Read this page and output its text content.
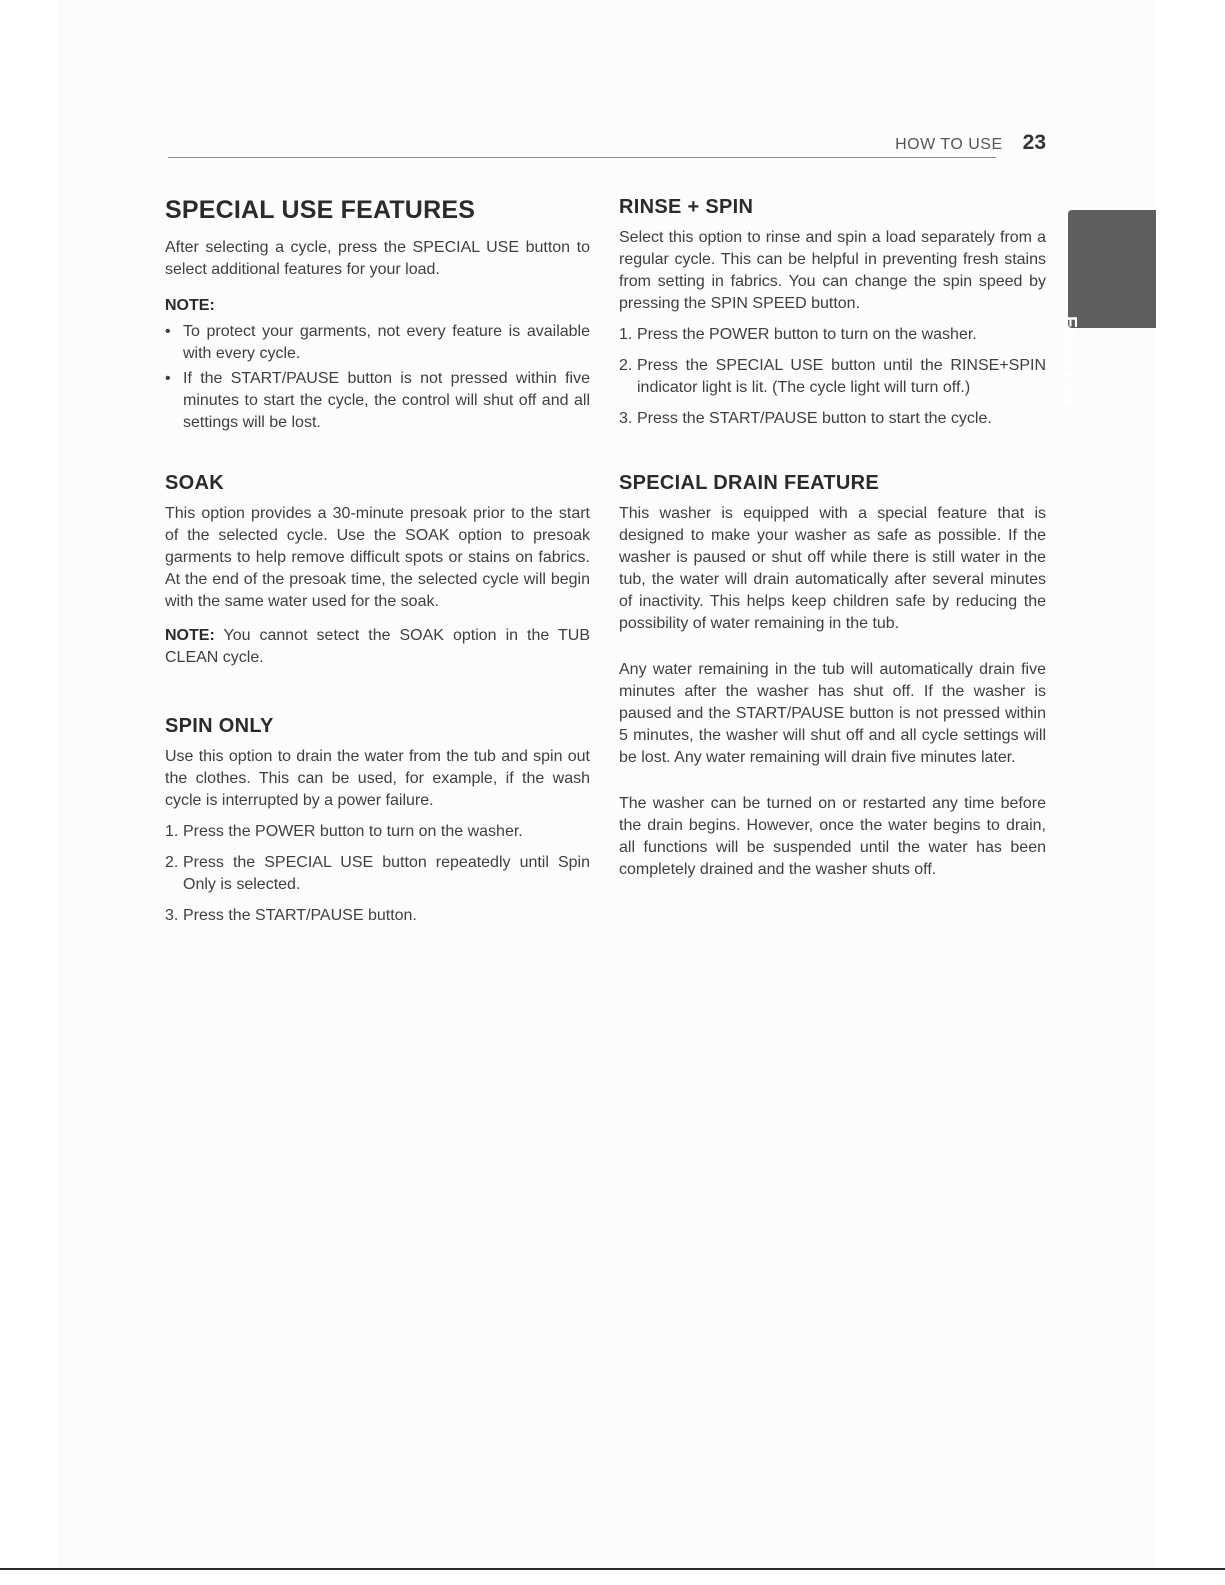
HOW TO USE 23
ENGLISH
SPECIAL USE FEATURES

After selecting a cycle, press the SPECIAL USE button to select additional features for your load.

NOTE:
• To protect your garments, not every feature is available with every cycle.
• If the START/PAUSE button is not pressed within five minutes to start the cycle, the control will shut off and all settings will be lost.
SOAK

This option provides a 30-minute presoak prior to the start of the selected cycle. Use the SOAK option to presoak garments to help remove difficult spots or stains on fabrics. At the end of the presoak time, the selected cycle will begin with the same water used for the soak.

NOTE: You cannot setect the SOAK option in the TUB CLEAN cycle.

SPIN ONLY

Use this option to drain the water from the tub and spin out the clothes. This can be used, for example, if the wash cycle is interrupted by a power failure.

1. Press the POWER button to turn on the washer.
2. Press the SPECIAL USE button repeatedly until Spin Only is selected.
3. Press the START/PAUSE button.
RINSE + SPIN

Select this option to rinse and spin a load separately from a regular cycle. This can be helpful in preventing fresh stains from setting in fabrics. You can change the spin speed by pressing the SPIN SPEED button.

1. Press the POWER button to turn on the washer.
2. Press the SPECIAL USE button until the RINSE+SPIN indicator light is lit. (The cycle light will turn off.)
3. Press the START/PAUSE button to start the cycle.
SPECIAL DRAIN FEATURE

This washer is equipped with a special feature that is designed to make your washer as safe as possible. If the washer is paused or shut off while there is still water in the tub, the water will drain automatically after several minutes of inactivity. This helps keep children safe by reducing the possibility of water remaining in the tub.

Any water remaining in the tub will automatically drain five minutes after the washer has shut off. If the washer is paused and the START/PAUSE button is not pressed within 5 minutes, the washer will shut off and all cycle settings will be lost. Any water remaining will drain five minutes later.

The washer can be turned on or restarted any time before the drain begins. However, once the water begins to drain, all functions will be suspended until the water has been completely drained and the washer shuts off.
